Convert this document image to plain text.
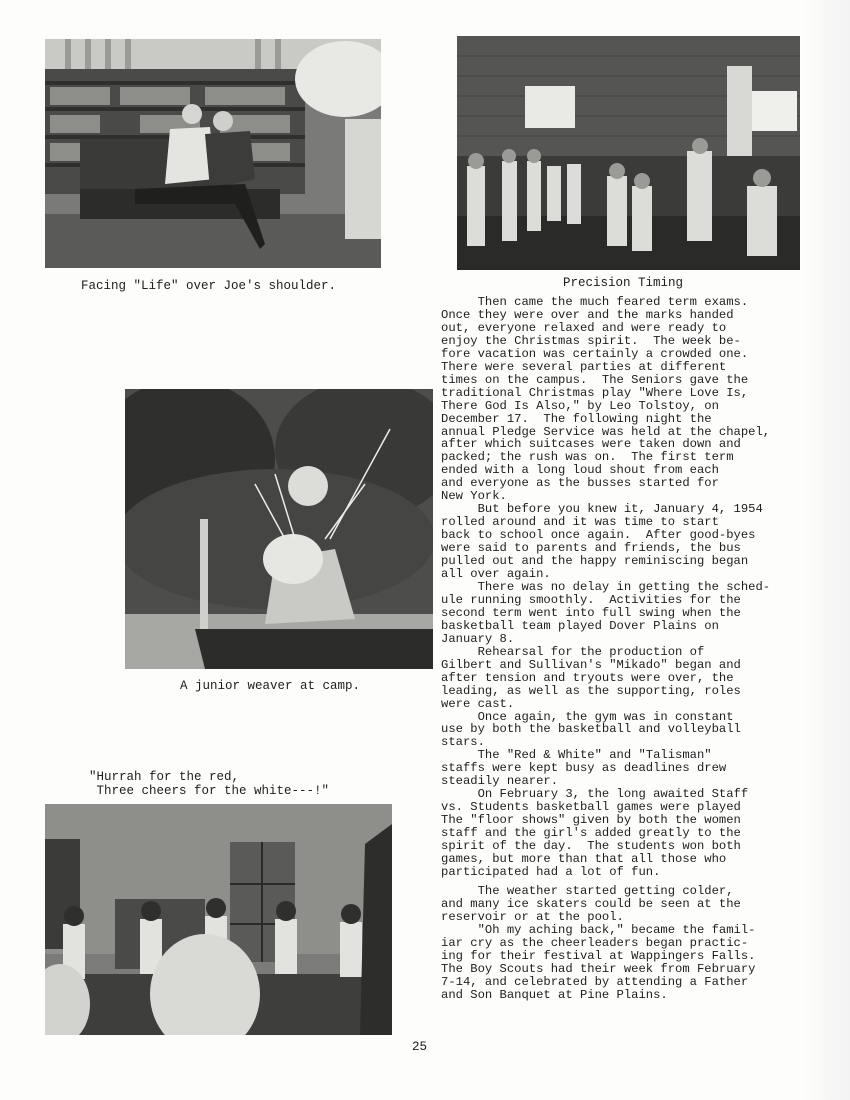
Facing "Life" over Joe's shoulder.	Precision Timing
A junior weaver at camp.
"Hurrah for the red,
Three cheers for the white---!"

Then came the much feared term exams.
Once they were over and the marks handed
out, everyone relaxed and were ready to
enjoy the Christmas spirit.  The week be-
fore vacation was certainly a crowded one.
There were several parties at different
times on the campus.  The Seniors gave the
traditional Christmas play "Where Love Is,
There God Is Also," by Leo Tolstoy, on
December 17.  The following night the
annual Pledge Service was held at the chapel,
after which suitcases were taken down and
packed; the rush was on.  The first term
ended with a long loud shout from each
and everyone as the busses started for
New York.

But before you knew it, January 4, 1954
rolled around and it was time to start
back to school once again.  After good-byes
were said to parents and friends, the bus
pulled out and the happy reminiscing began
all over again.

There was no delay in getting the sched-
ule running smoothly.  Activities for the
second term went into full swing when the
basketball team played Dover Plains on
January 8.

Rehearsal for the production of
Gilbert and Sullivan's "Mikado" began and
after tension and tryouts were over, the
leading, as well as the supporting, roles
were cast.

Once again, the gym was in constant
use by both the basketball and volleyball
stars.

The "Red & White" and "Talisman"
staffs were kept busy as deadlines drew
steadily nearer.

On February 3, the long awaited Staff
vs. Students basketball games were played
The "floor shows" given by both the women
staff and the girl's added greatly to the
spirit of the day.  The students won both
games, but more than that all those who
participated had a lot of fun.

The weather started getting colder,
and many ice skaters could be seen at the
reservoir or at the pool.

"Oh my aching back," became the famil-
iar cry as the cheerleaders began practic-
ing for their festival at Wappingers Falls.
The Boy Scouts had their week from February
7-14, and celebrated by attending a Father
and Son Banquet at Pine Plains.

25
